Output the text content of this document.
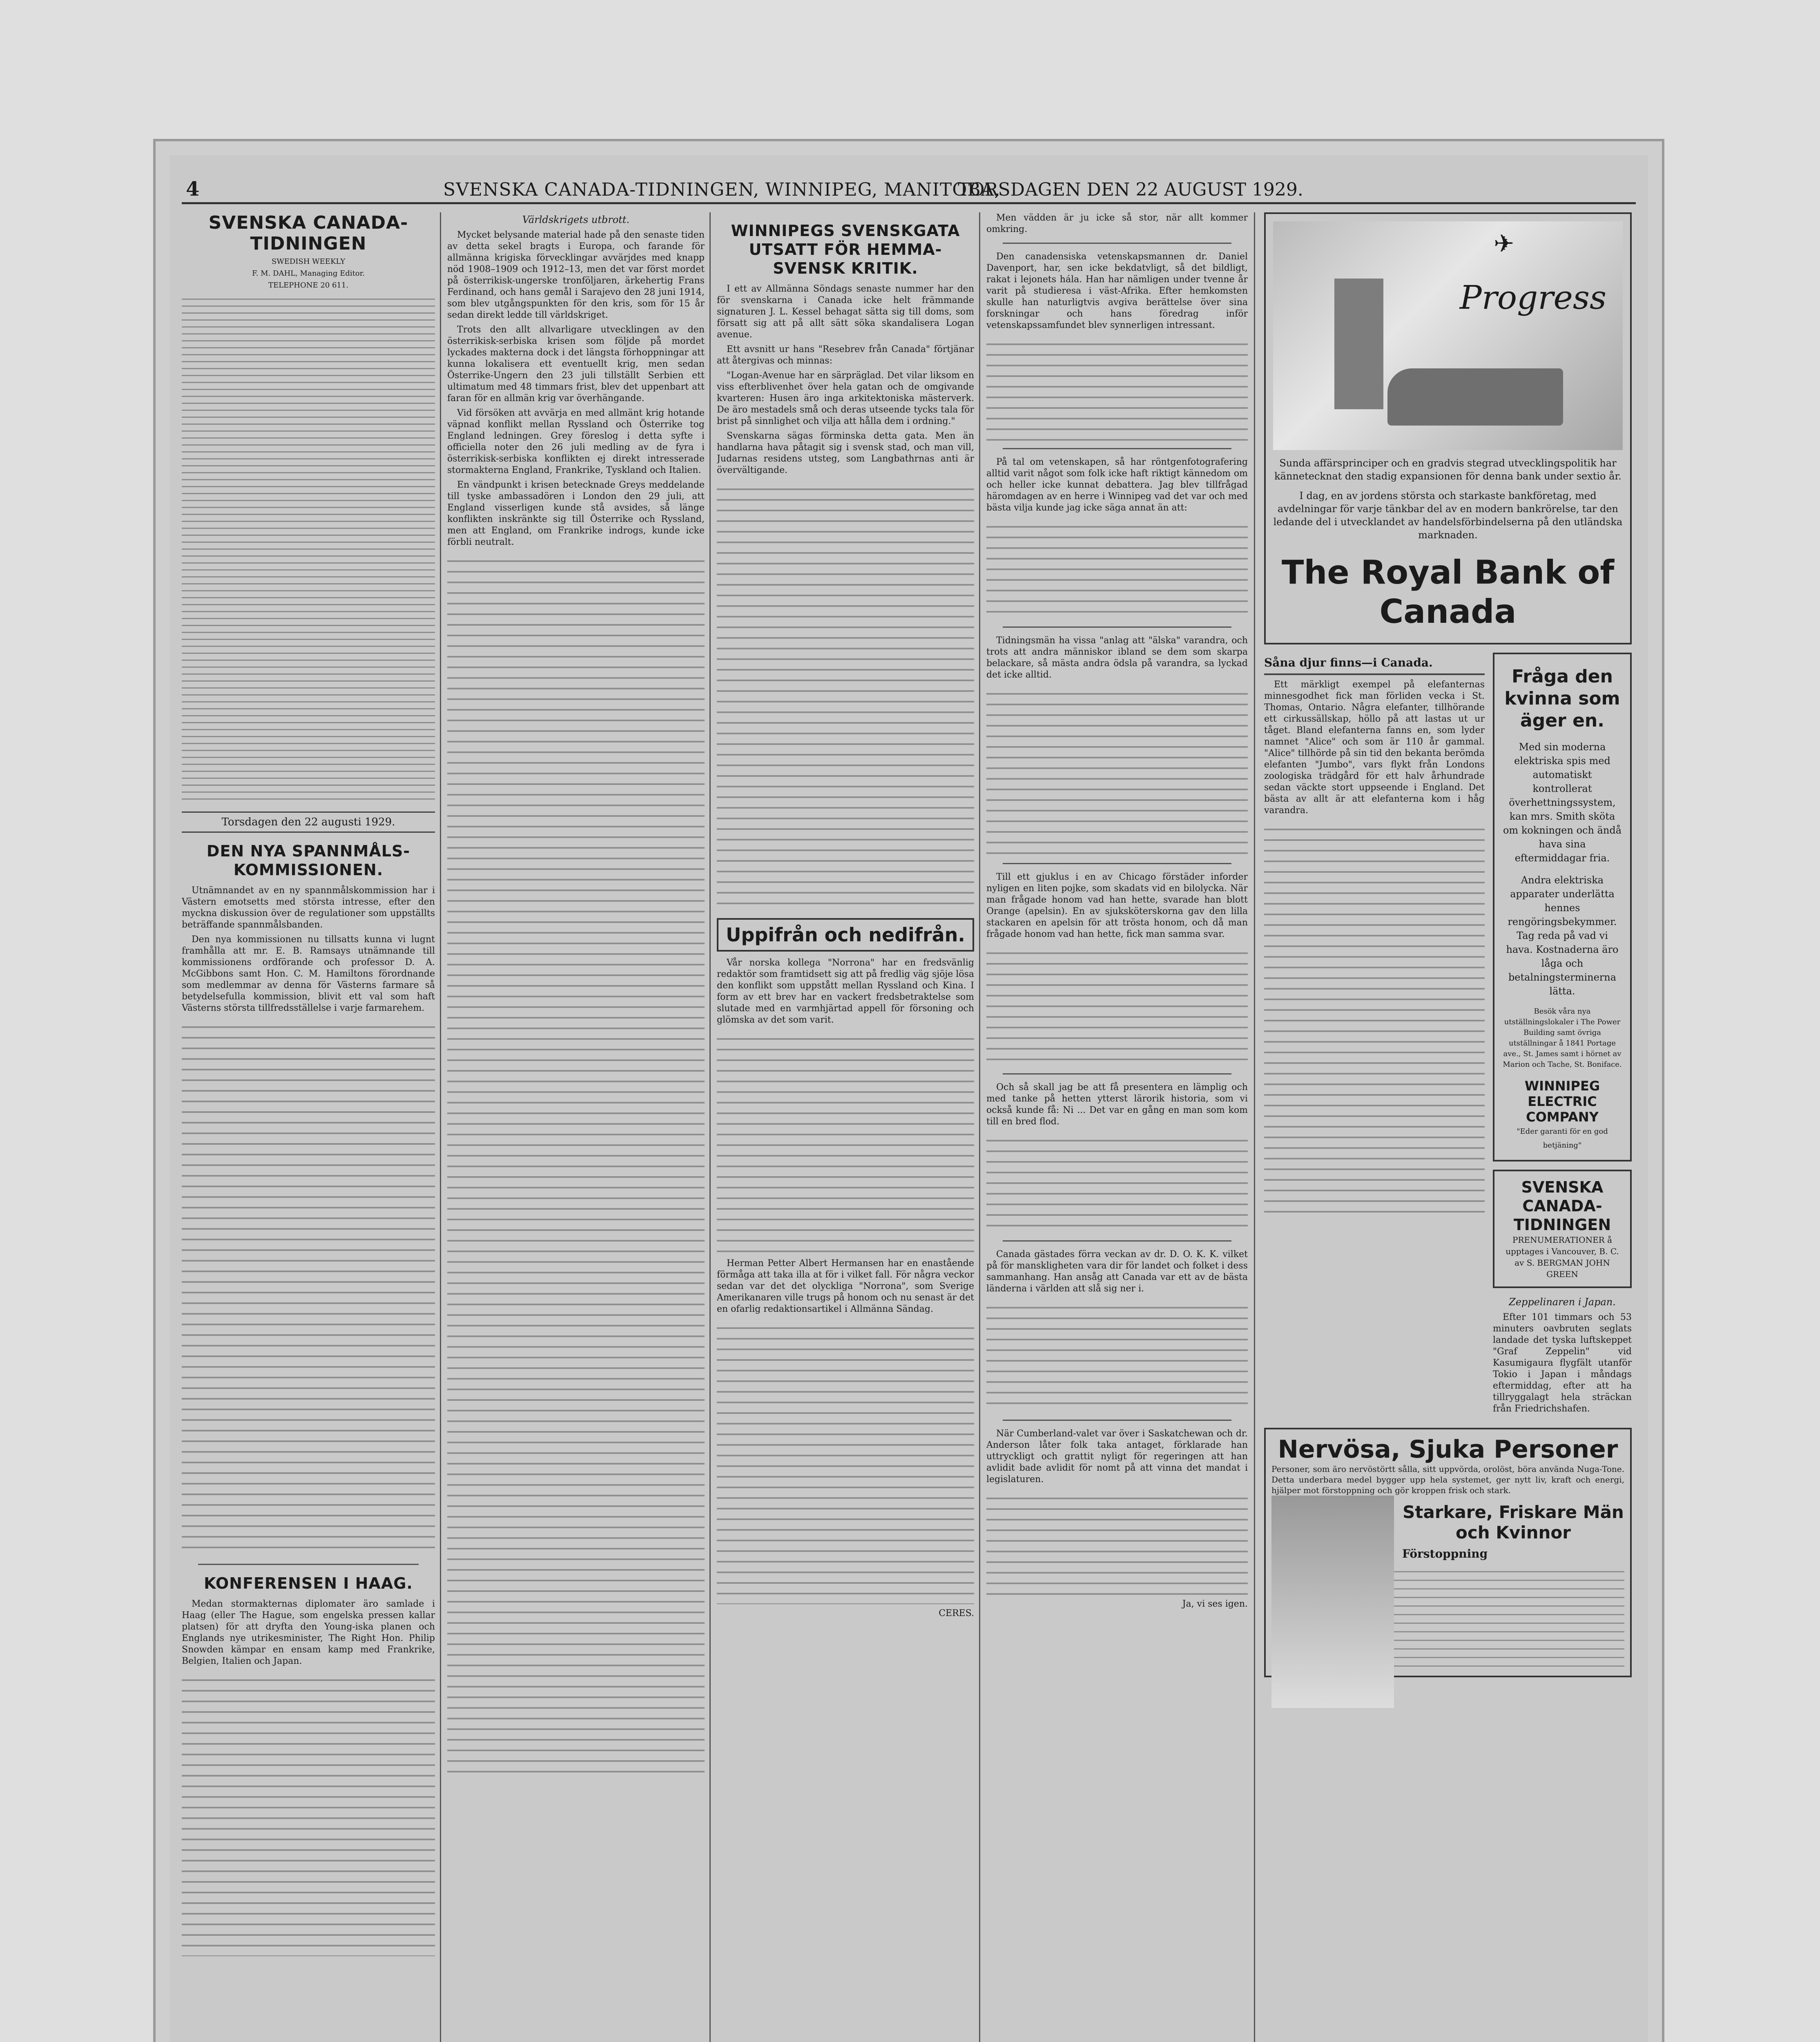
4	SVENSKA CANADA-TIDNINGEN, WINNIPEG, MANITOBA,
TORSDAGEN DEN 22 AUGUST 1929.
SVENSKA CANADA-TIDNINGEN
SWEDISH WEEKLY
F. M. DAHL, Managing Editor.
TELEPHONE 20 611.
Torsdagen den 22 augusti 1929.
DEN NYA SPANNMÅLS-KOMMISSIONEN.

Utnämnandet av en ny spannmålskommission har i Västern emotsetts med största intresse, efter den myckna diskussion över de regulationer som uppställts beträffande spannmålsbanden.

Den nya kommissionen nu tillsatts kunna vi lugnt framhålla att mr. E. B. Ramsays utnämnande till kommissionens ordförande och professor D. A. McGibbons samt Hon. C. M. Hamiltons förordnande som medlemmar av denna för Västerns farmare så betydelsefulla kommission, blivit ett val som haft Västerns största tillfredsställelse i varje farmarehem.

KONFERENSEN I HAAG.

Medan stormakternas diplomater äro samlade i Haag (eller The Hague, som engelska pressen kallar platsen) för att dryfta den Young-iska planen och Englands nye utrikesminister, The Right Hon. Philip Snowden kämpar en ensam kamp med Frankrike, Belgien, Italien och Japan.

Världskrigets utbrott.

Mycket belysande material hade på den senaste tiden av detta sekel bragts i Europa, och farande för allmänna krigiska förvecklingar avvärjdes med knapp nöd 1908–1909 och 1912–13, men det var först mordet på österrikisk-ungerske tronföljaren, ärkehertig Frans Ferdinand, och hans gemål i Sarajevo den 28 juni 1914, som blev utgångspunkten för den kris, som för 15 år sedan direkt ledde till världskriget.

Trots den allt allvarligare utvecklingen av den österrikisk-serbiska krisen som följde på mordet lyckades makterna dock i det längsta förhoppningar att kunna lokalisera ett eventuellt krig, men sedan Österrike-Ungern den 23 juli tillställt Serbien ett ultimatum med 48 timmars frist, blev det uppenbart att faran för en allmän krig var överhängande.

Vid försöken att avvärja en med allmänt krig hotande väpnad konflikt mellan Ryssland och Österrike tog England ledningen. Grey föreslog i detta syfte i officiella noter den 26 juli medling av de fyra i österrikisk-serbiska konflikten ej direkt intresserade stormakterna England, Frankrike, Tyskland och Italien.

En vändpunkt i krisen betecknade Greys meddelande till tyske ambassadören i London den 29 juli, att England visserligen kunde stå avsides, så länge konflikten inskränkte sig till Österrike och Ryssland, men att England, om Frankrike indrogs, kunde icke förbli neutralt.

WINNIPEGS SVENSKGATA UTSATT FÖR HEMMA-SVENSK KRITIK.

I ett av Allmänna Söndags senaste nummer har den för svenskarna i Canada icke helt främmande signaturen J. L. Kessel behagat sätta sig till doms, som försatt sig att på allt sätt söka skandalisera Logan avenue.

Ett avsnitt ur hans "Resebrev från Canada" förtjänar att återgivas och minnas:

"Logan-Avenue har en särpräglad. Det vilar liksom en viss efterblivenhet över hela gatan och de omgivande kvarteren: Husen äro inga arkitektoniska mästerverk. De äro mestadels små och deras utseende tycks tala för brist på sinnlighet och vilja att hålla dem i ordning."

Svenskarna sägas förminska detta gata. Men än handlarna hava påtagit sig i svensk stad, och man vill, Judarnas residens utsteg, som Langbathrnas anti är övervältigande.

Uppifrån och nedifrån.

Vår norska kollega "Norrona" har en fredsvänlig redaktör som framtidsett sig att på fredlig väg sjöje lösa den konflikt som uppstått mellan Ryssland och Kina. I form av ett brev har en vackert fredsbetraktelse som slutade med en varmhjärtad appell för försoning och glömska av det som varit.

Herman Petter Albert Hermansen har en enastående förmåga att taka illa at för i vilket fall. För några veckor sedan var det det olyckliga "Norrona", som Sverige Amerikanaren ville trugs på honom och nu senast är det en ofarlig redaktionsartikel i Allmänna Sändag.

CERES.

Men vädden är ju icke så stor, när allt kommer omkring.

Den canadensiska vetenskapsmannen dr. Daniel Davenport, har, sen icke bekdatvligt, så det bildligt, rakat i lejonets hála. Han har nämligen under tvenne år varit på studieresa i väst-Afrika. Efter hemkomsten skulle han naturligtvis avgiva berättelse över sina forskningar och hans föredrag inför vetenskapssamfundet blev synnerligen intressant.

På tal om vetenskapen, så har röntgenfotografering alltid varit något som folk icke haft riktigt kännedom om och heller icke kunnat debattera. Jag blev tillfrågad häromdagen av en herre i Winnipeg vad det var och med bästa vilja kunde jag icke säga annat än att:

Tidningsmän ha vissa "anlag att "älska" varandra, och trots att andra människor ibland se dem som skarpa belackare, så mästa andra ödsla på varandra, sa lyckad det icke alltid.

Till ett gjuklus i en av Chicago förstäder inforder nyligen en liten pojke, som skadats vid en bilolycka. När man frågade honom vad han hette, svarade han blott Orange (apelsin). En av sjuksköterskorna gav den lilla stackaren en apelsin för att trösta honom, och då man frågade honom vad han hette, fick man samma svar.

Och så skall jag be att få presentera en lämplig och med tanke på hetten ytterst lärorik historia, som vi också kunde få: Ni ... Det var en gång en man som kom till en bred flod.

Canada gästades förra veckan av dr. D. O. K. K. vilket på för manskligheten vara dir för landet och folket i dess sammanhang. Han ansåg att Canada var ett av de bästa länderna i världen att slå sig ner i.

När Cumberland-valet var över i Saskatchewan och dr. Anderson låter folk taka antaget, förklarade han uttryckligt och grattit nyligt för regeringen att han avlidit bade avlidit för nomt på att vinna det mandat i legislaturen.

Ja, vi ses igen.
✈
Progress
Sunda affärsprinciper och en gradvis stegrad utvecklingspolitik har kännetecknat den stadig expansionen för denna bank under sextio år.
I dag, en av jordens största och starkaste bankföretag, med avdelningar för varje tänkbar del av en modern bankrörelse, tar den ledande del i utvecklandet av handelsförbindelserna på den utländska marknaden.
The Royal Bank of Canada
Såna djur finns—i Canada.

Ett märkligt exempel på elefanternas minnesgodhet fick man förliden vecka i St. Thomas, Ontario. Några elefanter, tillhörande ett cirkussällskap, höllo på att lastas ut ur tåget. Bland elefanterna fanns en, som lyder namnet "Alice" och som är 110 år gammal. "Alice" tillhörde på sin tid den bekanta berömda elefanten "Jumbo", vars flykt från Londons zoologiska trädgård för ett halv århundrade sedan väckte stort uppseende i England. Det bästa av allt är att elefanterna kom i håg varandra.

Fråga den kvinna som äger en.
Med sin moderna elektriska spis med automatiskt kontrollerat överhettningssystem, kan mrs. Smith sköta om kokningen och ändå hava sina eftermiddagar fria.
Andra elektriska apparater underlätta hennes rengöringsbekymmer. Tag reda på vad vi hava. Kostnaderna äro låga och betalningsterminerna lätta.
Besök våra nya utställningslokaler i The Power Building samt övriga utställningar å 1841 Portage ave., St. James samt i hörnet av Marion och Tache, St. Boniface.
WINNIPEG ELECTRIC COMPANY
"Eder garanti för en god betjäning"
SVENSKA CANADA-TIDNINGEN
PRENUMERATIONER å upptages i Vancouver, B. C. av S. BERGMAN JOHN GREEN
Zeppelinaren i Japan.

Efter 101 timmars och 53 minuters oavbruten seglats landade det tyska luftskeppet "Graf Zeppelin" vid Kasumigaura flygfält utanför Tokio i Japan i måndags eftermiddag, efter att ha tillryggalagt hela sträckan från Friedrichshafen.

Nervösa, Sjuka Personer
Personer, som äro nervöstörtt sålla, sitt uppvörda, orolöst, böra använda Nuga-Tone. Detta underbara medel bygger upp hela systemet, ger nytt liv, kraft och energi, hjälper mot förstoppning och gör kroppen frisk och stark.
Starkare, Friskare Män och Kvinnor
Förstoppning
